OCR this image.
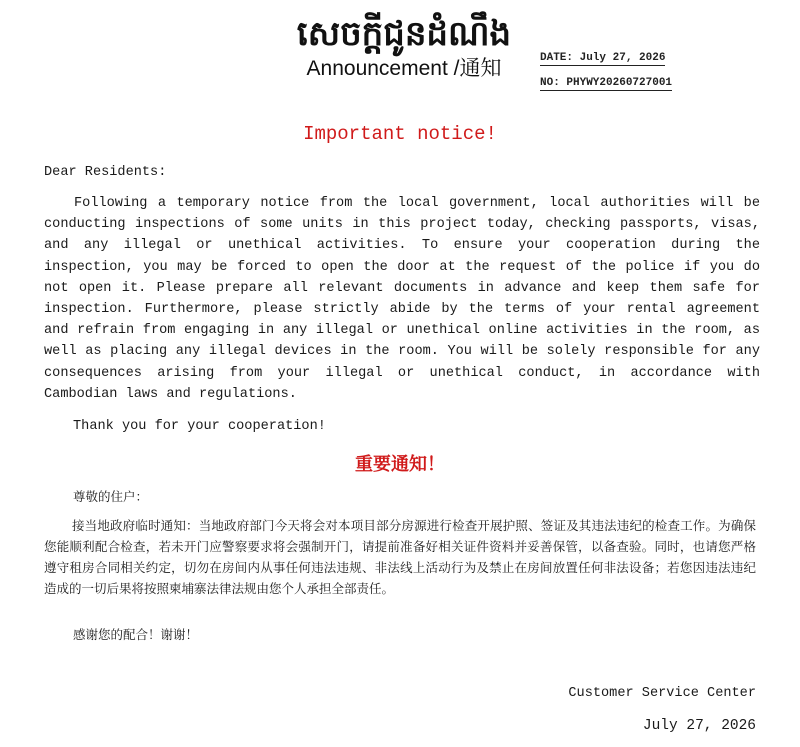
សេចក្តីជូនដំណឹង
Announcement /通知	DATE: July 27, 2026
NO: PHYWY20260727001
Important notice!
Dear Residents:
Following a temporary notice from the local government, local authorities will be conducting inspections of some units in this project today, checking passports, visas, and any illegal or unethical activities. To ensure your cooperation during the inspection, you may be forced to open the door at the request of the police if you do not open it. Please prepare all relevant documents in advance and keep them safe for inspection. Furthermore, please strictly abide by the terms of your rental agreement and refrain from engaging in any illegal or unethical online activities in the room, as well as placing any illegal devices in the room. You will be solely responsible for any consequences arising from your illegal or unethical conduct, in accordance with Cambodian laws and regulations.
Thank you for your cooperation!
重要通知！
尊敬的住户：
接当地政府临时通知：当地政府部门今天将会对本项目部分房源进行检查开展护照、签证及其违法违纪的检查工作。为确保您能顺利配合检查，若未开门应警察要求将会强制开门，请提前准备好相关证件资料并妥善保管，以备查验。同时，也请您严格遵守租房合同相关约定，切勿在房间内从事任何违法违规、非法线上活动行为及禁止在房间放置任何非法设备；若您因违法违纪造成的一切后果将按照柬埔寨法律法规由您个人承担全部责任。
感谢您的配合！谢谢！
Customer Service Center
July 27, 2026
